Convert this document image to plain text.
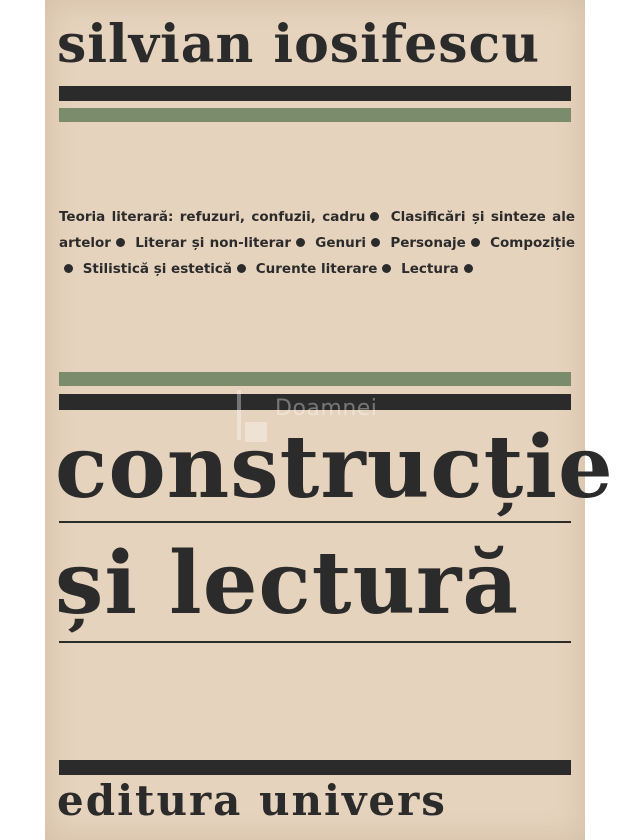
silvian iosifescu
Teoria literară: refuzuri, confuzii, cadru Clasificări și sinteze ale artelor Literar și non-literar Genuri Personaje Compoziție Stilistică și estetică Curente literare Lectura
Doamnei
construcție
și lectură
editura univers
